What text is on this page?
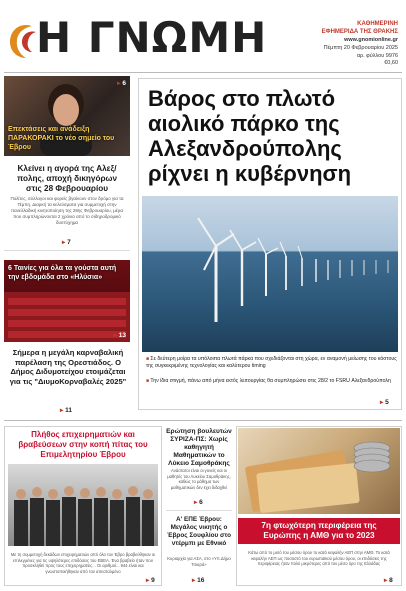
Η ΓΝΩΜΗ	ΚΑΘΗΜΕΡΙΝΗ
ΕΦΗΜΕΡΙΔΑ ΤΗΣ ΘΡΑΚΗΣ
www.gnomionline.gr
Πέμπτη 20 Φεβρουαρίου 2025
αρ. φύλλου 9976
€0,60
▸ 6
Επεκτάσεις και ανάδειξη ΠΑΡΑΚΟΡΑΚΙ το νέο σημείο του Έβρου
Κλείνει η αγορά της Αλεξ/πολης, αποχή δικηγόρων στις 28 Φεβρουαρίου
Πολίτες, σύλλογοι και φορείς βγαίνουν στον δρόμο για τα Τέμπη. Διαρκή τα κελεύσματα για συμμετοχή στην πανελλαδική κινητοποίηση της 28ης Φεβρουαρίου, μέρα που συμπληρώνονται 2 χρόνια από το σιδηροδρομικό δυστύχημα
▸ 7
6 Ταινίες για όλα τα γούστα αυτή την εβδομάδα στο «Ηλύσια»
▸ 13
Σήμερα η μεγάλη καρναβαλική παρέλαση της Ορεστιάδος. Ο Δήμος Διδυμοτείχου ετοιμάζεται για τις "ΔιυμοΚορναβαλές 2025"
▸ 11
Βάρος στο πλωτό αιολικό πάρκο της Αλεξανδρούπολης ρίχνει η κυβέρνηση
■ Σε δεύτερη μοίρα τα υπόλοιπα πλωτά πάρκα που σχεδιάζονται στη χώρα, εν αναμονή μείωσης του κόστους της συγκεκριμένης τεχνολογίας και καλύτερου timing
■ Την ίδια στιγμή, πάνω από μήνα εκτός λειτουργίας θα συμπληρώσει στις 28/2 το FSRU Αλεξανδρούπολη
▸ 5
Πλήθος επιχειρηματιών και βραβεύσεων στην κοπή πίτας του Επιμελητηρίου Έβρου
Με τη συμμετοχή δεκάδων επιχειρηματιών από όλο τον Έβρο βραβεύθηκαν οι επιλεγμένες για τις υψηλότερες επιδόσεις του ΕΒΕΑ. Ένα βραβείο ήταν που προσκληθεί προς τους επιχειρηματίες... Οι αριθμοί... 944 είναι και γνωστοποιήθηκαν από τον απεσταλμένο
▸ 9
Ερώτηση βουλευτών ΣΥΡΙΖΑ-ΠΣ: Χωρίς καθηγητή Μαθηματικών το Λύκειο Σαμοθράκης
Ανάστατοι είναι οι γονείς και οι μαθητές του Λυκείου Σαμοθράκης, καθώς το μάθημα των μαθηματικών δεν έχει διδαχθεί
▸ 6
Α' ΕΠΕ Έβρου: Μεγάλος νικητής ο Έβρος Σουφλίου στο ντέρμπι με Εθνικό
Κυριαρχία για ΑΣΑ, στο «Υπ.Δήμο Τσιαρά»
▸ 16
7η φτωχότερη περιφέρεια της Ευρώπης η ΑΜΘ για το 2023
Κάτω από το μισό του μέσου όρου το κατά κεφαλήν ΑΕΠ στην ΑΜΘ. Το κατά κεφαλήν ΑΕΠ ως ποσοστό του ευρωπαϊκού μέσου όρου, οι επιδόσεις της περιφέρειας ήταν πολύ μικρότερες από τον μέσο όρο της Ελλάδας
▸ 8
